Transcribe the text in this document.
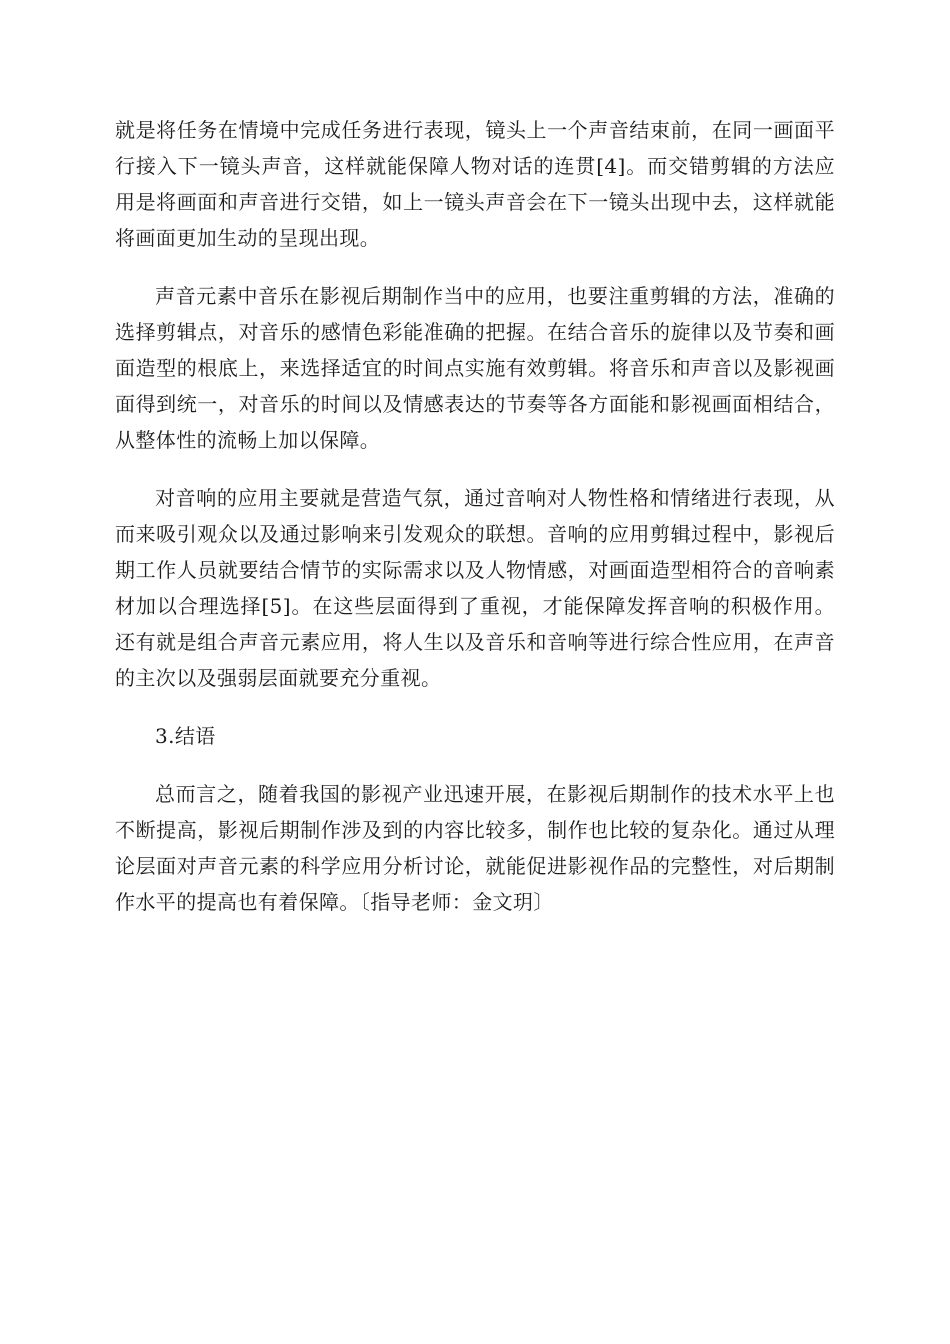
就是将任务在情境中完成任务进行表现，镜头上一个声音结束前，在同一画面平行接入下一镜头声音，这样就能保障人物对话的连贯[4]。而交错剪辑的方法应用是将画面和声音进行交错，如上一镜头声音会在下一镜头出现中去，这样就能将画面更加生动的呈现出现。

声音元素中音乐在影视后期制作当中的应用，也要注重剪辑的方法，准确的选择剪辑点，对音乐的感情色彩能准确的把握。在结合音乐的旋律以及节奏和画面造型的根底上，来选择适宜的时间点实施有效剪辑。将音乐和声音以及影视画面得到统一，对音乐的时间以及情感表达的节奏等各方面能和影视画面相结合，从整体性的流畅上加以保障。

对音响的应用主要就是营造气氛，通过音响对人物性格和情绪进行表现，从而来吸引观众以及通过影响来引发观众的联想。音响的应用剪辑过程中，影视后期工作人员就要结合情节的实际需求以及人物情感，对画面造型相符合的音响素材加以合理选择[5]。在这些层面得到了重视，才能保障发挥音响的积极作用。还有就是组合声音元素应用，将人生以及音乐和音响等进行综合性应用，在声音的主次以及强弱层面就要充分重视。

3.结语

总而言之，随着我国的影视产业迅速开展，在影视后期制作的技术水平上也不断提高，影视后期制作涉及到的内容比较多，制作也比较的复杂化。通过从理论层面对声音元素的科学应用分析讨论，就能促进影视作品的完整性，对后期制作水平的提高也有着保障。〔指导老师：金文玥〕
